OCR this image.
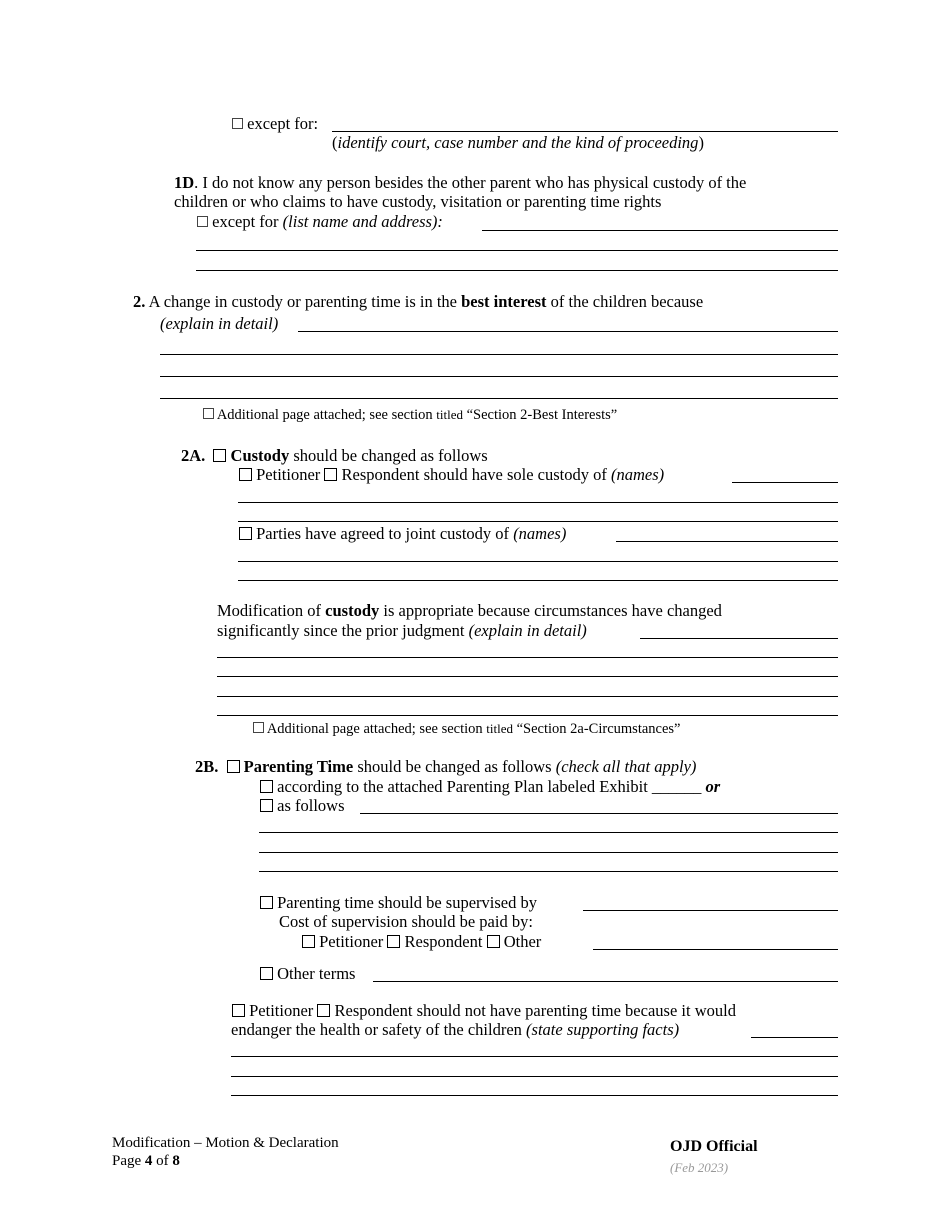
except for:
(identify court, case number and the kind of proceeding)
1D. I do not know any person besides the other parent who has physical custody of the
children or who claims to have custody, visitation or parenting time rights
except for (list name and address):
2. A change in custody or parenting time is in the best interest of the children because
(explain in detail)
Additional page attached; see section titled “Section 2-Best Interests”
2A. Custody should be changed as follows
Petitioner Respondent should have sole custody of (names)
Parties have agreed to joint custody of (names)
Modification of custody is appropriate because circumstances have changed
significantly since the prior judgment (explain in detail)
Additional page attached; see section titled “Section 2a-Circumstances”
2B. Parenting Time should be changed as follows (check all that apply)
according to the attached Parenting Plan labeled Exhibit ______ or
as follows
Parenting time should be supervised by
Cost of supervision should be paid by:
Petitioner Respondent Other
Other terms
Petitioner Respondent should not have parenting time because it would
endanger the health or safety of the children (state supporting facts)
Modification – Motion & Declaration
Page 4 of 8
OJD Official
(Feb 2023)
